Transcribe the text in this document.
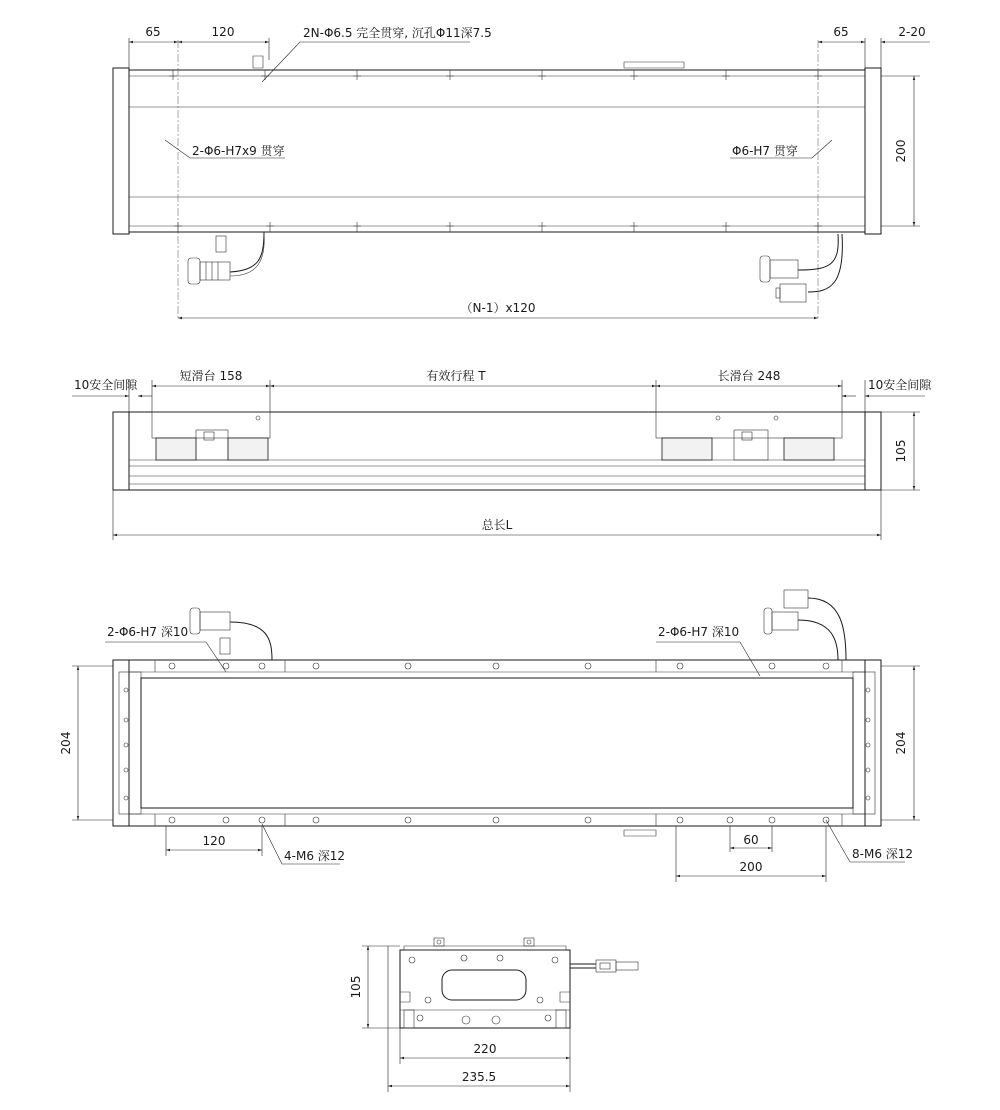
65	120	65	2-20
2N-Φ6.5 完全贯穿, 沉孔Φ11深7.5
2-Φ6-H7x9 贯穿	Φ6-H7 贯穿	200
（N-1）x120
10安全间隙
短滑台 158	有效行程 T	长滑台 248
10安全间隙
105
总长L
2-Φ6-H7 深10	2-Φ6-H7 深10
204	204
120
4-M6 深12
60
200
8-M6 深12
105
220
235.5
